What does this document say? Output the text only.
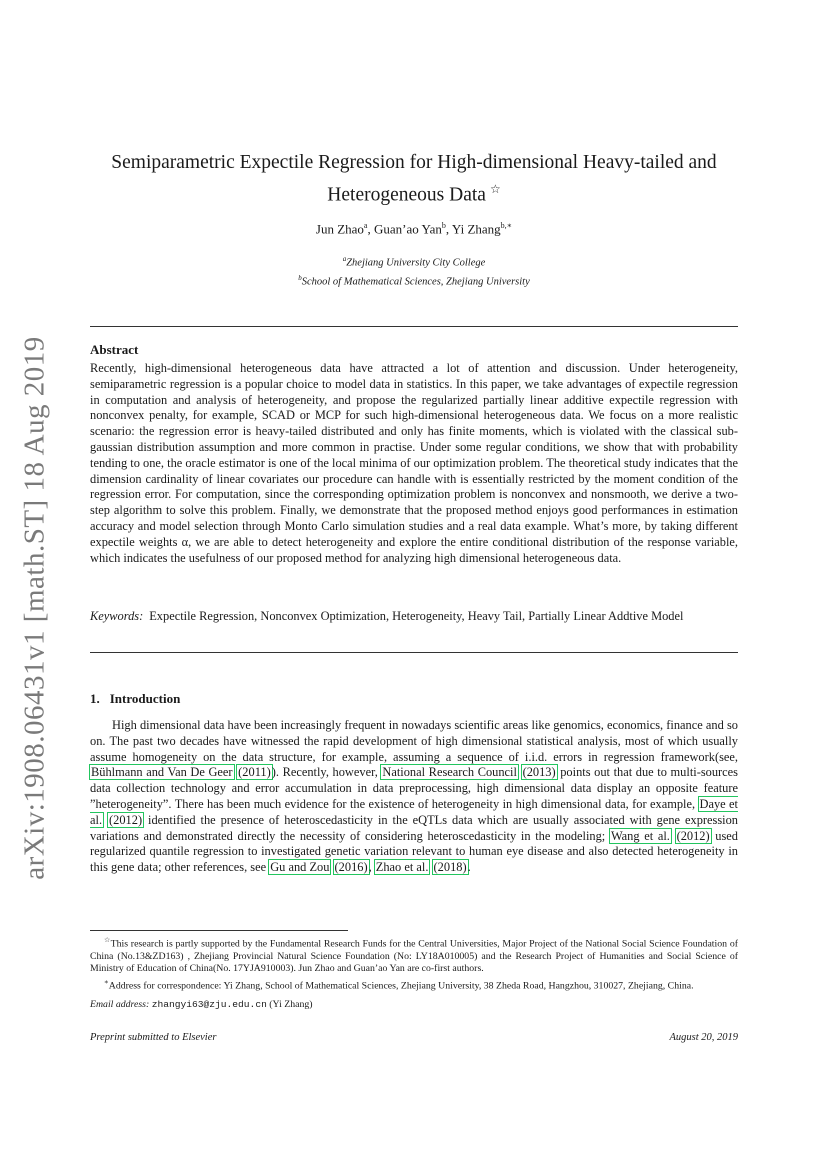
arXiv:1908.06431v1 [math.ST] 18 Aug 2019
Semiparametric Expectile Regression for High-dimensional Heavy-tailed and
Heterogeneous Data ☆
Jun Zhao$^a$, Guan’ao Yan$^b$, Yi Zhang$^{b,∗}$
$^a$Zhejiang University City College
$^b$School of Mathematical Sciences, Zhejiang University
Abstract
Recently, high-dimensional heterogeneous data have attracted a lot of attention and discussion. Under heterogeneity, semiparametric regression is a popular choice to model data in statistics. In this paper, we take advantages of expectile regression in computation and analysis of heterogeneity, and propose the regularized partially linear additive expectile regression with nonconvex penalty, for example, SCAD or MCP for such high-dimensional heterogeneous data. We focus on a more realistic scenario: the regression error is heavy-tailed distributed and only has finite moments, which is violated with the classical sub-gaussian distribution assumption and more common in practise. Under some regular conditions, we show that with probability tending to one, the oracle estimator is one of the local minima of our optimization problem. The theoretical study indicates that the dimension cardinality of linear covariates our procedure can handle with is essentially restricted by the moment condition of the regression error. For computation, since the corresponding optimization problem is nonconvex and nonsmooth, we derive a two-step algorithm to solve this problem. Finally, we demonstrate that the proposed method enjoys good performances in estimation accuracy and model selection through Monto Carlo simulation studies and a real data example. What’s more, by taking different expectile weights α, we are able to detect heterogeneity and explore the entire conditional distribution of the response variable, which indicates the usefulness of our proposed method for analyzing high dimensional heterogeneous data.
Keywords: Expectile Regression, Nonconvex Optimization, Heterogeneity, Heavy Tail, Partially Linear Addtive Model
1. Introduction
High dimensional data have been increasingly frequent in nowadays scientific areas like genomics, economics, finance and so on. The past two decades have witnessed the rapid development of high dimensional statistical analysis, most of which usually assume homogeneity on the data structure, for example, assuming a sequence of i.i.d. errors in regression framework(see, Bühlmann and Van De Geer (2011)). Recently, however, National Research Council (2013) points out that due to multi-sources data collection technology and error accumulation in data preprocessing, high dimensional data display an opposite feature ”heterogeneity”. There has been much evidence for the existence of heterogeneity in high dimensional data, for example, Daye et al. (2012) identified the presence of heteroscedasticity in the eQTLs data which are usually associated with gene expression variations and demonstrated directly the necessity of considering heteroscedasticity in the modeling; Wang et al. (2012) used regularized quantile regression to investigated genetic variation relevant to human eye disease and also detected heterogeneity in this gene data; other references, see Gu and Zou (2016), Zhao et al. (2018).

☆This research is partly supported by the Fundamental Research Funds for the Central Universities, Major Project of the National Social Science Foundation of China (No.13&ZD163) , Zhejiang Provincial Natural Science Foundation (No: LY18A010005) and the Research Project of Humanities and Social Science of Ministry of Education of China(No. 17YJA910003). Jun Zhao and Guan’ao Yan are co-first authors.

∗Address for correspondence: Yi Zhang, School of Mathematical Sciences, Zhejiang University, 38 Zheda Road, Hangzhou, 310027, Zhejiang, China.

Email address: zhangyi63@zju.edu.cn (Yi Zhang)

Preprint submitted to Elsevier	August 20, 2019
